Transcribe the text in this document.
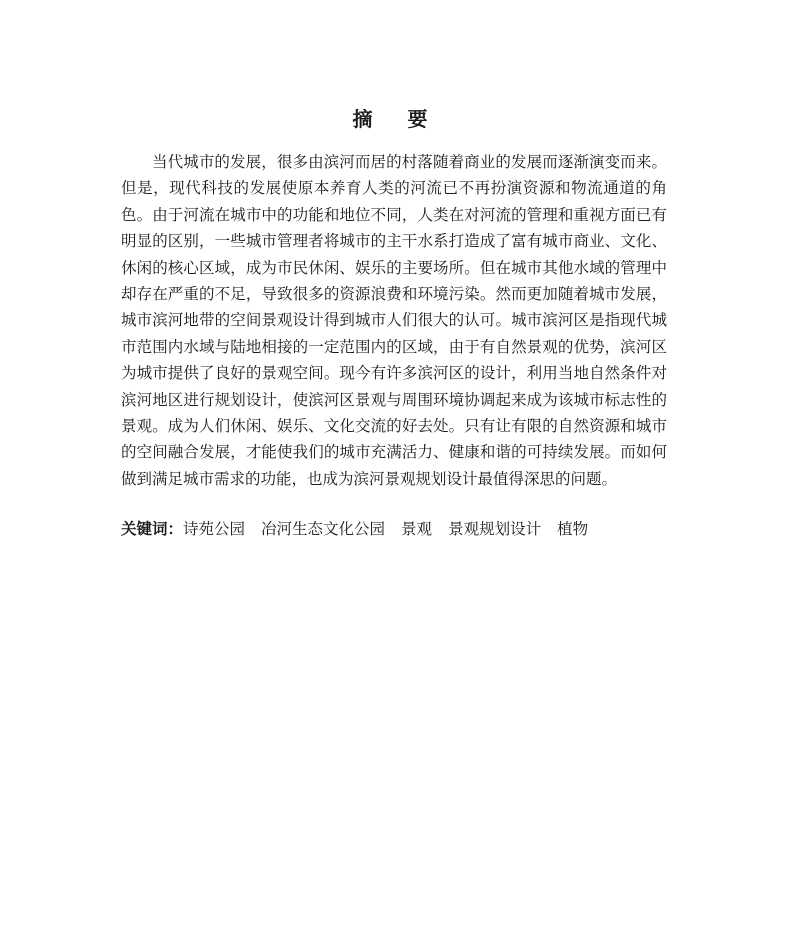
摘 要

当代城市的发展，很多由滨河而居的村落随着商业的发展而逐渐演变而来。但是，现代科技的发展使原本养育人类的河流已不再扮演资源和物流通道的角色。由于河流在城市中的功能和地位不同，人类在对河流的管理和重视方面已有明显的区别，一些城市管理者将城市的主干水系打造成了富有城市商业、文化、休闲的核心区域，成为市民休闲、娱乐的主要场所。但在城市其他水域的管理中却存在严重的不足，导致很多的资源浪费和环境污染。然而更加随着城市发展，城市滨河地带的空间景观设计得到城市人们很大的认可。城市滨河区是指现代城市范围内水域与陆地相接的一定范围内的区域，由于有自然景观的优势，滨河区为城市提供了良好的景观空间。现今有许多滨河区的设计，利用当地自然条件对滨河地区进行规划设计，使滨河区景观与周围环境协调起来成为该城市标志性的景观。成为人们休闲、娱乐、文化交流的好去处。只有让有限的自然资源和城市的空间融合发展，才能使我们的城市充满活力、健康和谐的可持续发展。而如何做到满足城市需求的功能，也成为滨河景观规划设计最值得深思的问题。

关键词：诗苑公园 冶河生态文化公园 景观 景观规划设计 植物
